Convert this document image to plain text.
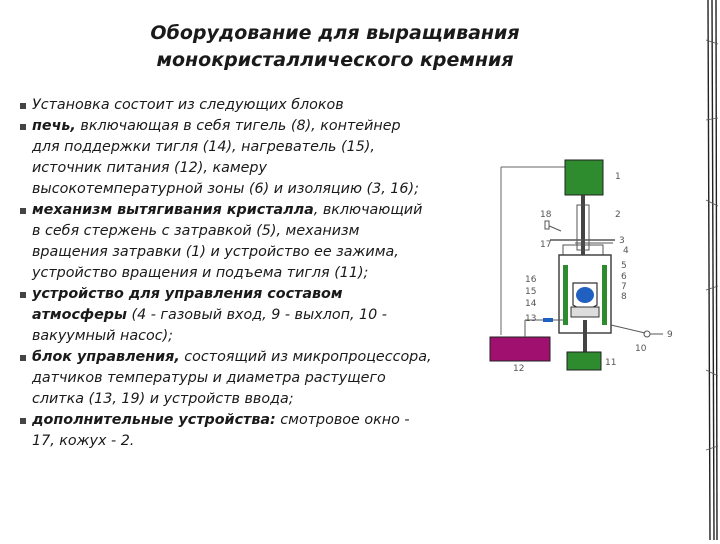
Оборудование для выращивания
монокристаллического кремния
Установка состоит из следующих блоков
печь, включающая в себя тигель (8), контейнер
для поддержки тигля (14), нагреватель (15),
источник питания (12), камеру
высокотемпературной зоны (6) и изоляцию (3, 16);
механизм вытягивания кристалла, включающий
в себя стержень с затравкой (5), механизм
вращения затравки (1) и устройство ее зажима,
устройство вращения и подъема тигля (11);
устройство для управления составом
атмосферы (4 - газовый вход, 9 - выхлоп, 10 -
вакуумный насос);
блок управления, состоящий из микропроцессора,
датчиков температуры и диаметра растущего
слитка (13, 19) и устройств ввода;
дополнительные устройства: смотровое окно -
17, кожух - 2.
1
2
18
17	3
4
5
6
7
8
16
15
14
13
9
10
12
11
